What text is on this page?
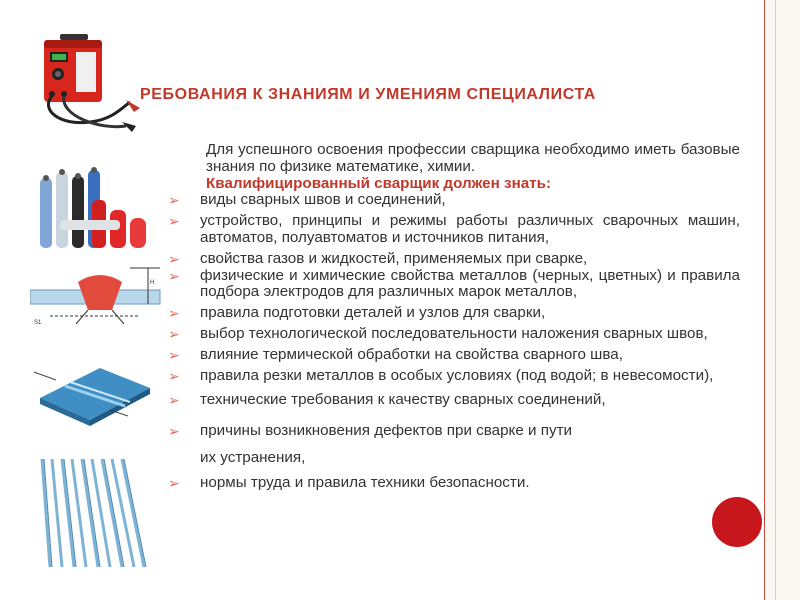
H
S1
РЕБОВАНИЯ К ЗНАНИЯМ И УМЕНИЯМ СПЕЦИАЛИСТА
Для успешного освоения профессии сварщика необходимо иметь базовые знания по физике математике, химии.
Квалифицированный сварщик должен знать:
➢ виды сварных швов и соединений,
➢ устройство, принципы и режимы работы различных сварочных машин, автоматов, полуавтоматов и источников питания,
➢ свойства газов и жидкостей, применяемых при сварке,
➢ физические и химические свойства металлов (черных, цветных) и правила подбора электродов для различных марок металлов,
➢ правила подготовки деталей и узлов для сварки,
➢ выбор технологической последовательности наложения сварных швов,
➢ влияние термической обработки на свойства сварного шва,
➢ правила резки металлов в особых условиях (под водой; в невесомости),
➢ технические требования к качеству сварных соединений,
➢ причины возникновения дефектов при сварке и пути
их устранения,
➢ нормы труда и правила техники безопасности.
